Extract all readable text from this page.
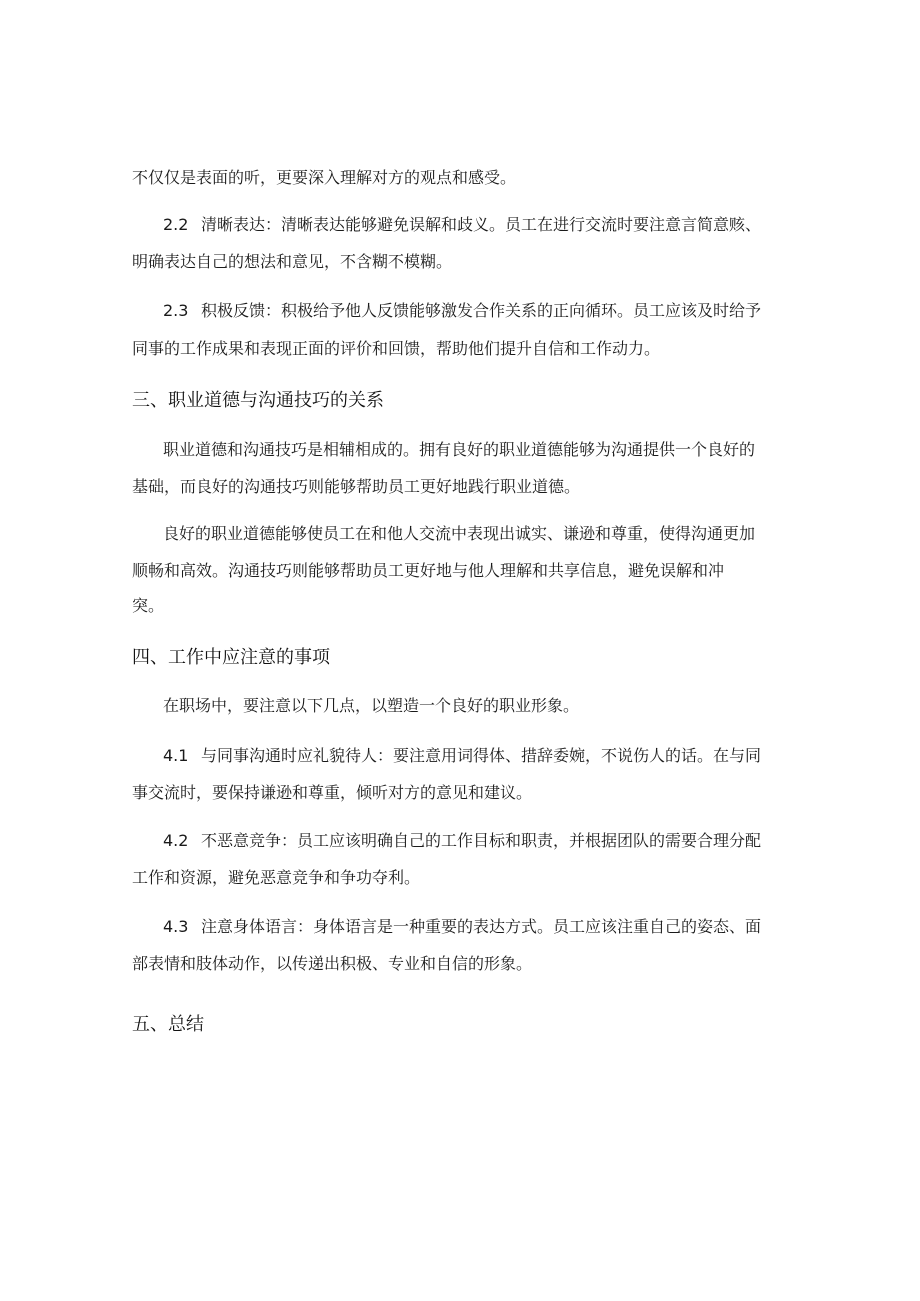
不仅仅是表面的听，更要深入理解对方的观点和感受。
2.2 清晰表达：清晰表达能够避免误解和歧义。员工在进行交流时要注意言简意赅、
明确表达自己的想法和意见，不含糊不模糊。
2.3 积极反馈：积极给予他人反馈能够激发合作关系的正向循环。员工应该及时给予
同事的工作成果和表现正面的评价和回馈，帮助他们提升自信和工作动力。
三、职业道德与沟通技巧的关系
职业道德和沟通技巧是相辅相成的。拥有良好的职业道德能够为沟通提供一个良好的
基础，而良好的沟通技巧则能够帮助员工更好地践行职业道德。
良好的职业道德能够使员工在和他人交流中表现出诚实、谦逊和尊重，使得沟通更加
顺畅和高效。沟通技巧则能够帮助员工更好地与他人理解和共享信息，避免误解和冲
突。
四、工作中应注意的事项
在职场中，要注意以下几点，以塑造一个良好的职业形象。
4.1 与同事沟通时应礼貌待人：要注意用词得体、措辞委婉，不说伤人的话。在与同
事交流时，要保持谦逊和尊重，倾听对方的意见和建议。
4.2 不恶意竞争：员工应该明确自己的工作目标和职责，并根据团队的需要合理分配
工作和资源，避免恶意竞争和争功夺利。
4.3 注意身体语言：身体语言是一种重要的表达方式。员工应该注重自己的姿态、面
部表情和肢体动作，以传递出积极、专业和自信的形象。
五、总结
